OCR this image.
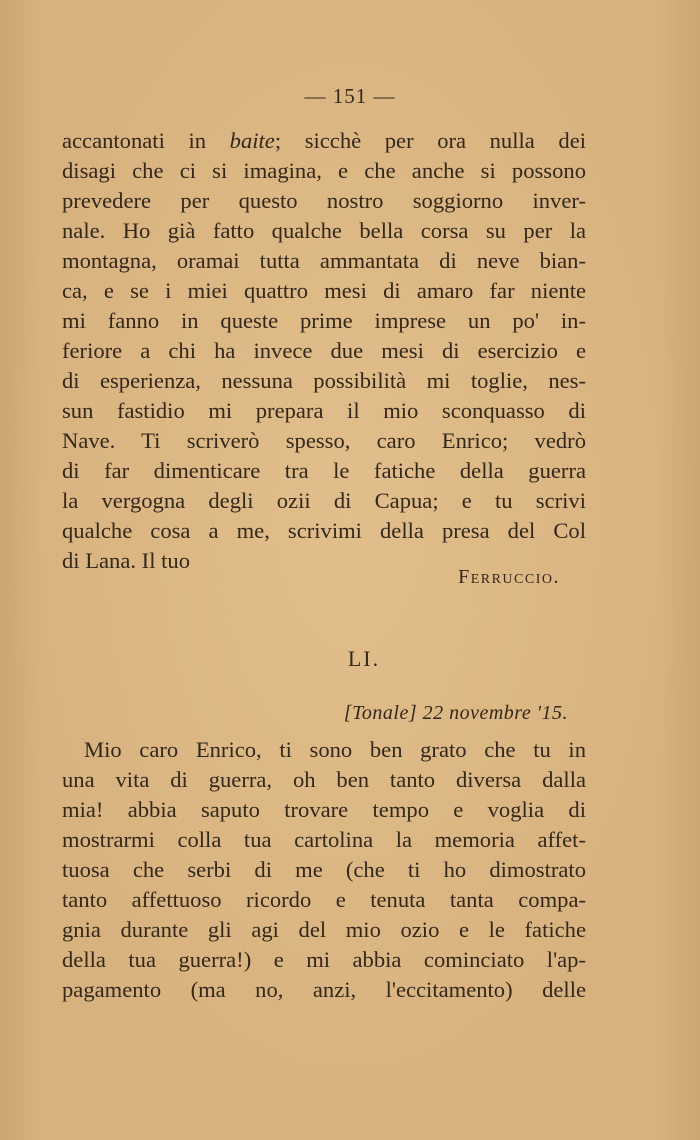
— 151 —
accantonati in baite; sicchè per ora nulla dei
disagi che ci si imagina, e che anche si possono
prevedere per questo nostro soggiorno inver-
nale. Ho già fatto qualche bella corsa su per la
montagna, oramai tutta ammantata di neve bian-
ca, e se i miei quattro mesi di amaro far niente
mi fanno in queste prime imprese un po' in-
feriore a chi ha invece due mesi di esercizio e
di esperienza, nessuna possibilità mi toglie, nes-
sun fastidio mi prepara il mio sconquasso di
Nave. Ti scriverò spesso, caro Enrico; vedrò
di far dimenticare tra le fatiche della guerra
la vergogna degli ozii di Capua; e tu scrivi
qualche cosa a me, scrivimi della presa del Col
di Lana. Il tuo
Ferruccio.
LI.
[Tonale] 22 novembre '15.
Mio caro Enrico, ti sono ben grato che tu in
una vita di guerra, oh ben tanto diversa dalla
mia! abbia saputo trovare tempo e voglia di
mostrarmi colla tua cartolina la memoria affet-
tuosa che serbi di me (che ti ho dimostrato
tanto affettuoso ricordo e tenuta tanta compa-
gnia durante gli agi del mio ozio e le fatiche
della tua guerra!) e mi abbia cominciato l'ap-
pagamento (ma no, anzi, l'eccitamento) delle
